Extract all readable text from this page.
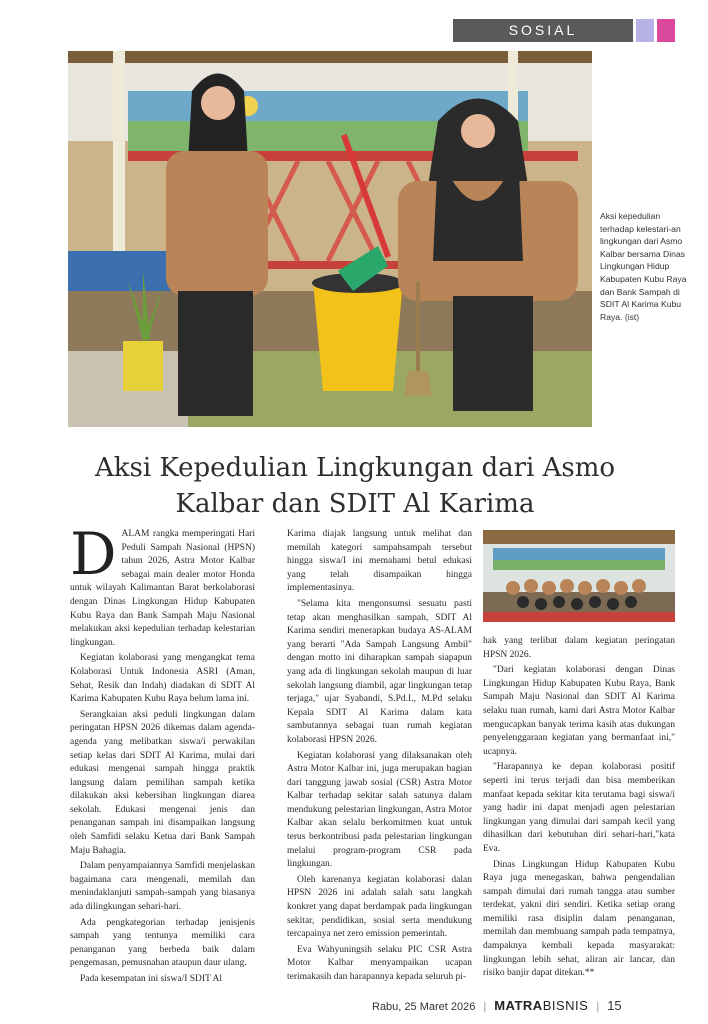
SOSIAL
Aksi kepedulian terhadap kelestari-an lingkungan dari Asmo Kalbar bersama Dinas Lingkungan Hidup Kabupaten Kubu Raya dan Bank Sampah di SDIT Al Karima Kubu Raya. (ist)
Aksi Kepedulian Lingkungan dari Asmo Kalbar dan SDIT Al Karima

DALAM rangka memperingati Hari Peduli Sampah Nasional (HPSN) tahun 2026, Astra Motor Kalbar sebagai main dealer motor Honda untuk wilayah Kalimantan Barat berkolaborasi dengan Dinas Lingkungan Hidup Kabupaten Kubu Raya dan Bank Sampah Maju Nasional melakukan aksi kepedulian terhadap kelestarian lingkungan.

Kegiatan kolaborasi yang mengangkat tema Kolaborasi Untuk Indonesia ASRI (Aman, Sehat, Resik dan Indah) diadakan di SDIT Al Karima Kabupaten Kubu Raya belum lama ini.

Serangkaian aksi peduli lingkungan dalam peringatan HPSN 2026 dikemas dalam agenda-agenda yang melibatkan siswa/i perwakilan setiap kelas dari SDIT Al Karima, mulai dari edukasi mengenai sampah hingga praktik langsung dalam pemilihan sampah ketika dilakukan aksi kebersihan lingkungan diarea sekolah. Edukasi mengenai jenis dan penanganan sampah ini disampaikan langsung oleh Samfidi selaku Ketua dari Bank Sampah Maju Bahagia.

Dalam penyampaiannya Samfidi menjelaskan bagaimana cara mengenali, memilah dan menindaklanjuti sampah-sampah yang biasanya ada dilingkungan sehari-hari.

Ada pengkategorian terhadap jenisjenis sampah yang tentunya memiliki cara penanganan yang berbeda baik dalam pengemasan, pemusnahan ataupun daur ulang.

Pada kesempatan ini siswa/I SDIT Al

Karima diajak langsung untuk melihat dan memilah kategori sampahsampah tersebut hingga siswa/I ini memahami betul edukasi yang telah disampaikan hingga implementasinya.

"Selama kita mengonsumsi sesuatu pasti tetap akan menghasilkan sampah, SDIT Al Karima sendiri menerapkan budaya AS-ALAM yang berarti "Ada Sampah Langsung Ambil" dengan motto ini diharapkan sampah siapapun yang ada di lingkungan sekolah maupun di luar sekolah langsung diambil, agar lingkungan tetap terjaga," ujar Syabandi, S.Pd.I., M.Pd selaku Kepala SDIT Al Karima dalam kata sambutannya sebagai tuan rumah kegiatan kolaborasi HPSN 2026.

Kegiatan kolaborasi yang dilaksanakan oleh Astra Motor Kalbar ini, juga merupakan bagian dari tanggung jawab sosial (CSR) Astra Motor Kalbar terhadap sekitar salah satunya dalam mendukung pelestarian lingkungan, Astra Motor Kalbar akan selalu berkomitmen kuat untuk terus berkontribusi pada pelestarian lingkungan melalui program-program CSR pada lingkungan.

Oleh karenanya kegiatan kolaborasi dalan HPSN 2026 ini adalah salah satu langkah konkret yang dapat berdampak pada lingkungan sekitar, pendidikan, sosial serta mendukung tercapainya net zero emission pemerintah.

Eva Wahyuningsih selaku PIC CSR Astra Motor Kalbar menyampaikan ucapan terimakasih dan harapannya kepada seluruh pi-

hak yang terlibat dalam kegiatan peringatan HPSN 2026.

"Dari kegiatan kolaborasi dengan Dinas Lingkungan Hidup Kabupaten Kubu Raya, Bank Sampah Maju Nasional dan SDIT Al Karima selaku tuan rumah, kami dari Astra Motor Kalbar mengucapkan banyak terima kasih atas dukungan penyelenggaraan kegiatan yang bermanfaat ini," ucapnya.

"Harapannya ke depan kolaborasi positif seperti ini terus terjadi dan bisa memberikan manfaat kepada sekitar kita terutama bagi siswa/i yang hadir ini dapat menjadi agen pelestarian lingkungan yang dimulai dari sampah kecil yang dihasilkan dari kebutuhan diri sehari-hari,"kata Eva.

Dinas Lingkungan Hidup Kabupaten Kubu Raya juga menegaskan, bahwa pengendalian sampah dimulai dari rumah tangga atau sumber terdekat, yakni diri sendiri. Ketika setiap orang memiliki rasa disiplin dalam penanganan, memilah dan membuang sampah pada tempatnya, dampaknya kembali kepada masyarakat: lingkungan lebih sehat, aliran air lancar, dan risiko banjir dapat ditekan.**

Rabu, 25 Maret 2026 | MATRABISNIS | 15
